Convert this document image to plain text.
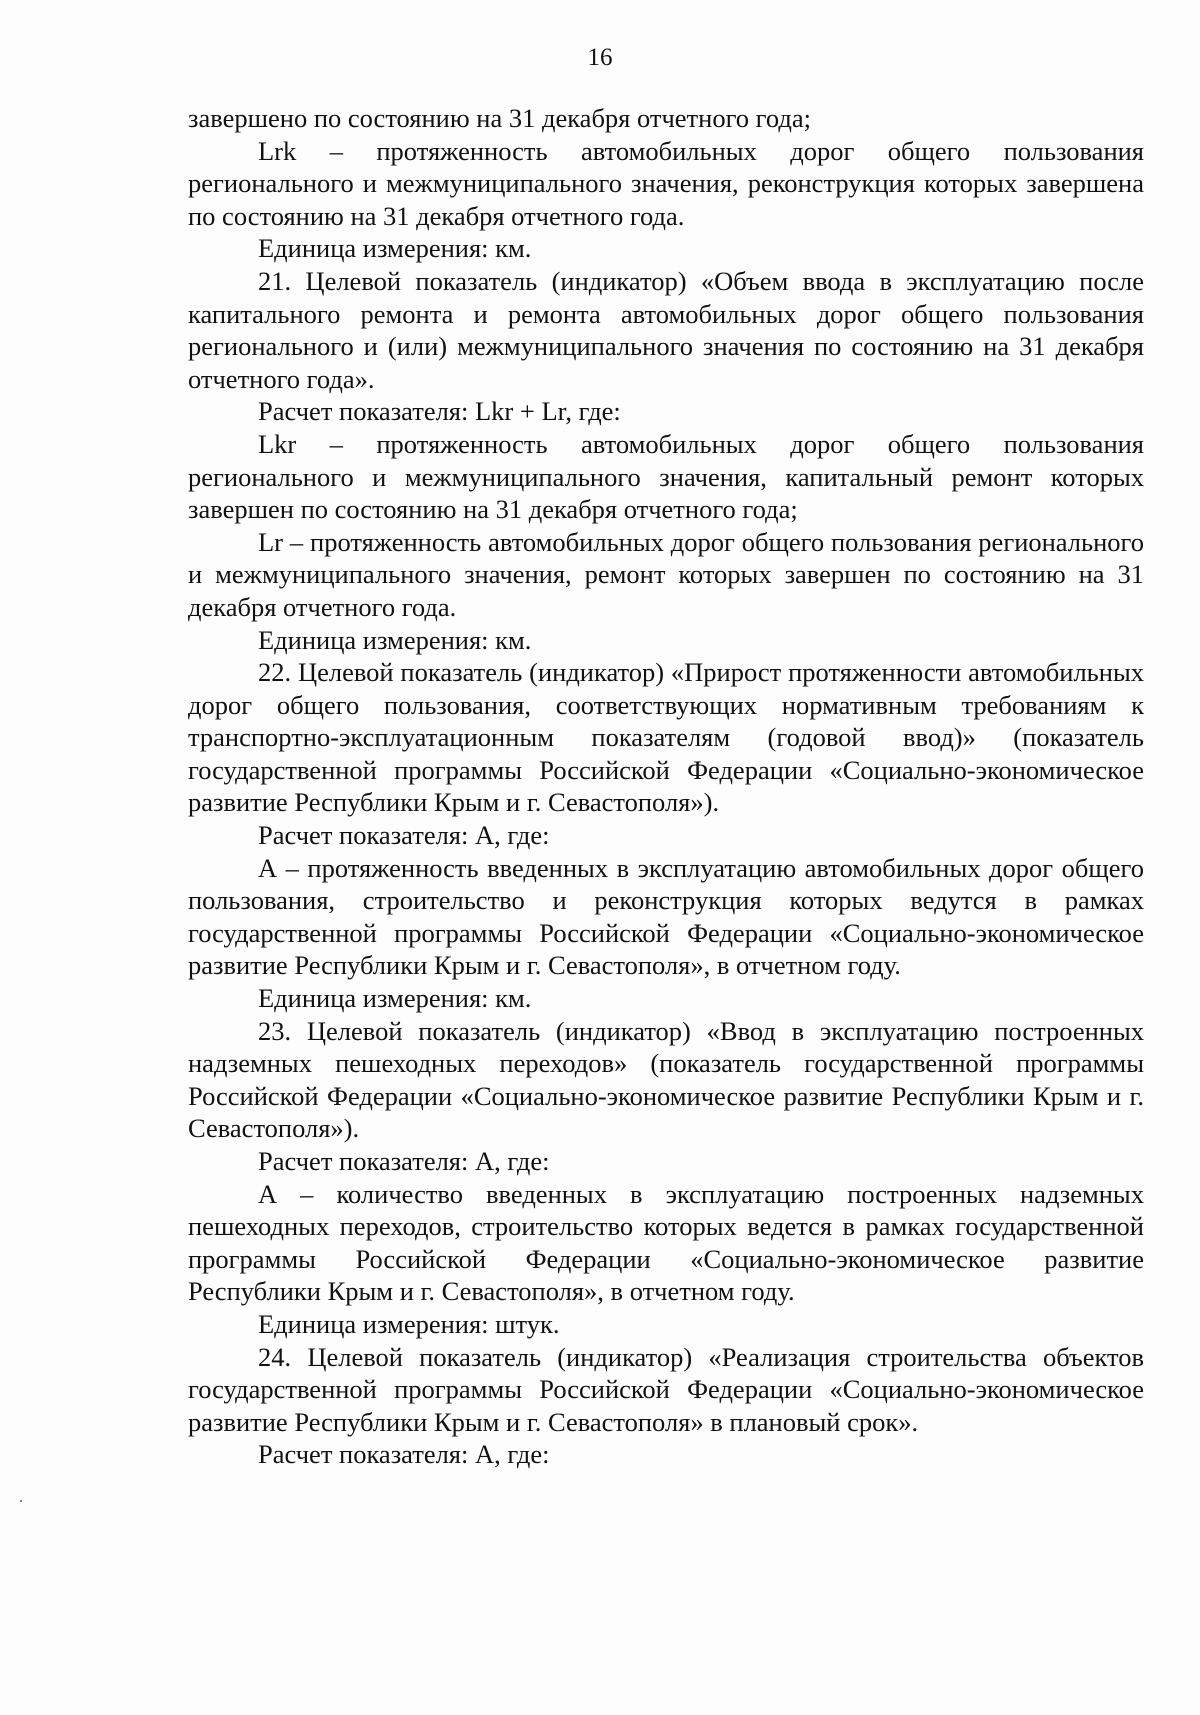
16

завершено по состоянию на 31 декабря отчетного года;

Lrk – протяженность автомобильных дорог общего пользования регионального и межмуниципального значения, реконструкция которых завершена по состоянию на 31 декабря отчетного года.

Единица измерения: км.

21. Целевой показатель (индикатор) «Объем ввода в эксплуатацию после капитального ремонта и ремонта автомобильных дорог общего пользования регионального и (или) межмуниципального значения по состоянию на 31 декабря отчетного года».

Расчет показателя: Lkr + Lr, где:

Lkr – протяженность автомобильных дорог общего пользования регионального и межмуниципального значения, капитальный ремонт которых завершен по состоянию на 31 декабря отчетного года;

Lr – протяженность автомобильных дорог общего пользования регионального и межмуниципального значения, ремонт которых завершен по состоянию на 31 декабря отчетного года.

Единица измерения: км.

22. Целевой показатель (индикатор) «Прирост протяженности автомобильных дорог общего пользования, соответствующих нормативным требованиям к транспортно-эксплуатационным показателям (годовой ввод)» (показатель государственной программы Российской Федерации «Социально-экономическое развитие Республики Крым и г. Севастополя»).

Расчет показателя: А, где:

А – протяженность введенных в эксплуатацию автомобильных дорог общего пользования, строительство и реконструкция которых ведутся в рамках государственной программы Российской Федерации «Социально-экономическое развитие Республики Крым и г. Севастополя», в отчетном году.

Единица измерения: км.

23. Целевой показатель (индикатор) «Ввод в эксплуатацию построенных надземных пешеходных переходов» (показатель государственной программы Российской Федерации «Социально-экономическое развитие Республики Крым и г. Севастополя»).

Расчет показателя: А, где:

А – количество введенных в эксплуатацию построенных надземных пешеходных переходов, строительство которых ведется в рамках государственной программы Российской Федерации «Социально-экономическое развитие Республики Крым и г. Севастополя», в отчетном году.

Единица измерения: штук.

24. Целевой показатель (индикатор) «Реализация строительства объектов государственной программы Российской Федерации «Социально-экономическое развитие Республики Крым и г. Севастополя» в плановый срок».

Расчет показателя: А, где:
